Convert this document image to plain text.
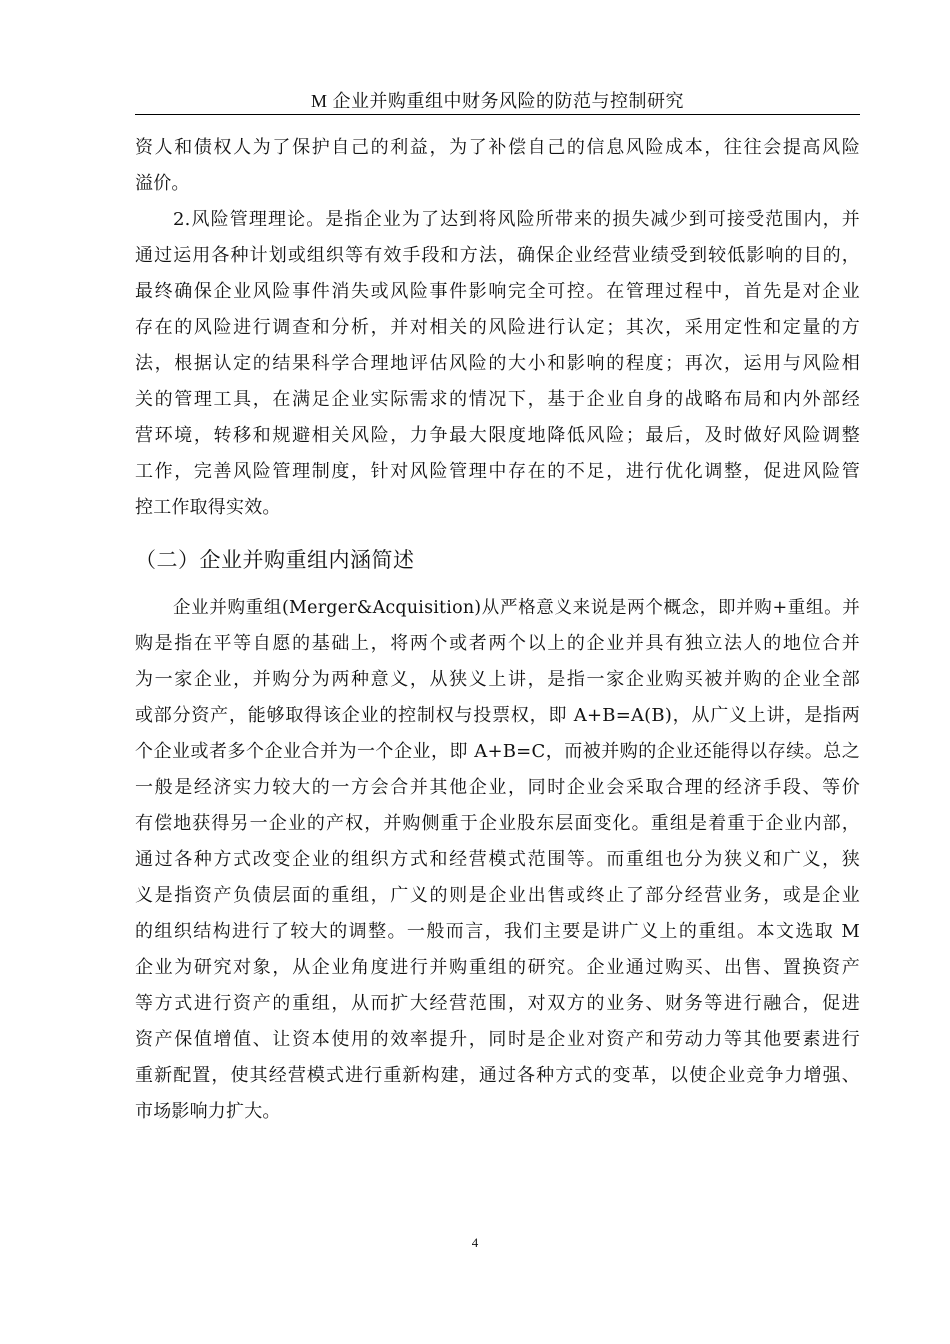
M 企业并购重组中财务风险的防范与控制研究
资人和债权人为了保护自己的利益，为了补偿自己的信息风险成本，往往会提高风险
溢价。
2.风险管理理论。是指企业为了达到将风险所带来的损失减少到可接受范围内，并
通过运用各种计划或组织等有效手段和方法，确保企业经营业绩受到较低影响的目的，
最终确保企业风险事件消失或风险事件影响完全可控。在管理过程中，首先是对企业
存在的风险进行调查和分析，并对相关的风险进行认定；其次，采用定性和定量的方
法，根据认定的结果科学合理地评估风险的大小和影响的程度；再次，运用与风险相
关的管理工具，在满足企业实际需求的情况下，基于企业自身的战略布局和内外部经
营环境，转移和规避相关风险，力争最大限度地降低风险；最后，及时做好风险调整
工作，完善风险管理制度，针对风险管理中存在的不足，进行优化调整，促进风险管
控工作取得实效。
（二）企业并购重组内涵简述
企业并购重组(Merger&Acquisition)从严格意义来说是两个概念，即并购+重组。并
购是指在平等自愿的基础上，将两个或者两个以上的企业并具有独立法人的地位合并
为一家企业，并购分为两种意义，从狭义上讲，是指一家企业购买被并购的企业全部
或部分资产，能够取得该企业的控制权与投票权，即 A+B=A(B)，从广义上讲，是指两
个企业或者多个企业合并为一个企业，即 A+B=C，而被并购的企业还能得以存续。总之
一般是经济实力较大的一方会合并其他企业，同时企业会采取合理的经济手段、等价
有偿地获得另一企业的产权，并购侧重于企业股东层面变化。重组是着重于企业内部，
通过各种方式改变企业的组织方式和经营模式范围等。而重组也分为狭义和广义，狭
义是指资产负债层面的重组，广义的则是企业出售或终止了部分经营业务，或是企业
的组织结构进行了较大的调整。一般而言，我们主要是讲广义上的重组。本文选取 M
企业为研究对象，从企业角度进行并购重组的研究。企业通过购买、出售、置换资产
等方式进行资产的重组，从而扩大经营范围，对双方的业务、财务等进行融合，促进
资产保值增值、让资本使用的效率提升，同时是企业对资产和劳动力等其他要素进行
重新配置，使其经营模式进行重新构建，通过各种方式的变革，以使企业竞争力增强、
市场影响力扩大。
4
